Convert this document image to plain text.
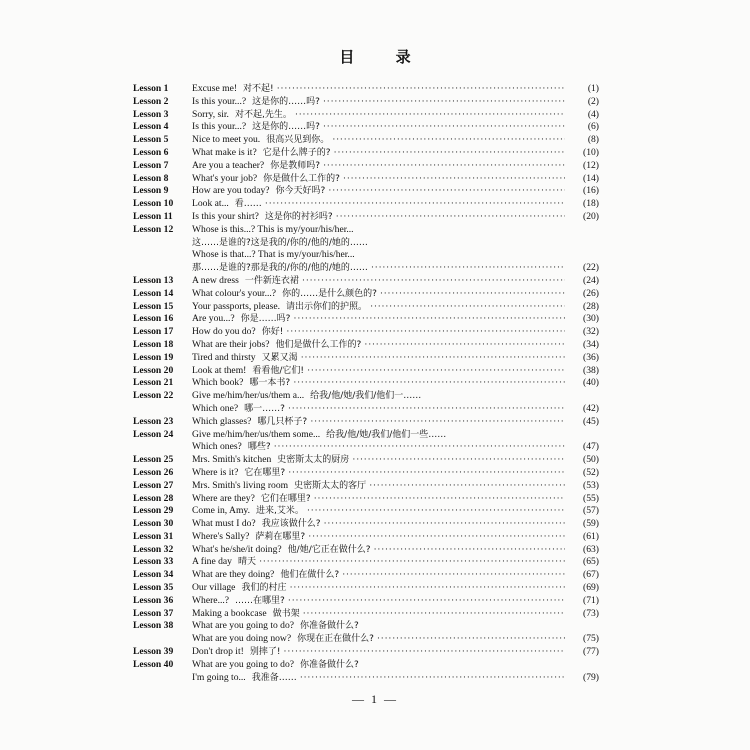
目 录
Lesson 1	Excuse me! 对不起! ·····	(1)
Lesson 2	Is this your...? 这是你的……吗? ·····	(2)
Lesson 3	Sorry, sir. 对不起,先生。 ·····	(4)
Lesson 4	Is this your...? 这是你的……吗? ·····	(6)
Lesson 5	Nice to meet you. 很高兴见到你。 ·····	(8)
Lesson 6	What make is it? 它是什么牌子的? ·····	(10)
Lesson 7	Are you a teacher? 你是教师吗? ·····	(12)
Lesson 8	What's your job? 你是做什么工作的? ·····	(14)
Lesson 9	How are you today? 你今天好吗? ·····	(16)
Lesson 10	Look at... 看…… ·····	(18)
Lesson 11	Is this your shirt? 这是你的衬衫吗? ·····	(20)
Lesson 12	Whose is this...? This is my/your/his/her...
这……是谁的?这是我的/你的/他的/她的……
Whose is that...? That is my/your/his/her...
那……是谁的?那是我的/你的/他的/她的…… ·····	(22)
Lesson 13	A new dress 一件新连衣裙 ·····	(24)
Lesson 14	What colour's your...? 你的……是什么颜色的? ·····	(26)
Lesson 15	Your passports, please. 请出示你们的护照。 ·····	(28)
Lesson 16	Are you...? 你是……吗? ·····	(30)
Lesson 17	How do you do? 你好! ·····	(32)
Lesson 18	What are their jobs? 他们是做什么工作的? ·····	(34)
Lesson 19	Tired and thirsty 又累又渴 ·····	(36)
Lesson 20	Look at them! 看看他/它们! ·····	(38)
Lesson 21	Which book? 哪一本书? ·····	(40)
Lesson 22	Give me/him/her/us/them a... 给我/他/她/我们/他们一……
Which one? 哪一……? ·····	(42)
Lesson 23	Which glasses? 哪几只杯子? ·····	(45)
Lesson 24	Give me/him/her/us/them some... 给我/他/她/我们/他们一些……
Which ones? 哪些? ·····	(47)
Lesson 25	Mrs. Smith's kitchen 史密斯太太的厨房 ·····	(50)
Lesson 26	Where is it? 它在哪里? ·····	(52)
Lesson 27	Mrs. Smith's living room 史密斯太太的客厅 ·····	(53)
Lesson 28	Where are they? 它们在哪里? ·····	(55)
Lesson 29	Come in, Amy. 进来,艾米。 ·····	(57)
Lesson 30	What must I do? 我应该做什么? ·····	(59)
Lesson 31	Where's Sally? 萨莉在哪里? ·····	(61)
Lesson 32	What's he/she/it doing? 他/她/它正在做什么? ·····	(63)
Lesson 33	A fine day 晴天 ·····	(65)
Lesson 34	What are they doing? 他们在做什么? ·····	(67)
Lesson 35	Our village 我们的村庄 ·····	(69)
Lesson 36	Where...? ……在哪里? ·····	(71)
Lesson 37	Making a bookcase 做书架 ·····	(73)
Lesson 38	What are you going to do? 你准备做什么?
What are you doing now? 你现在正在做什么? ·····	(75)
Lesson 39	Don't drop it! 别摔了! ·····	(77)
Lesson 40	What are you going to do? 你准备做什么?
I'm going to... 我准备…… ·····	(79)
— 1 —
